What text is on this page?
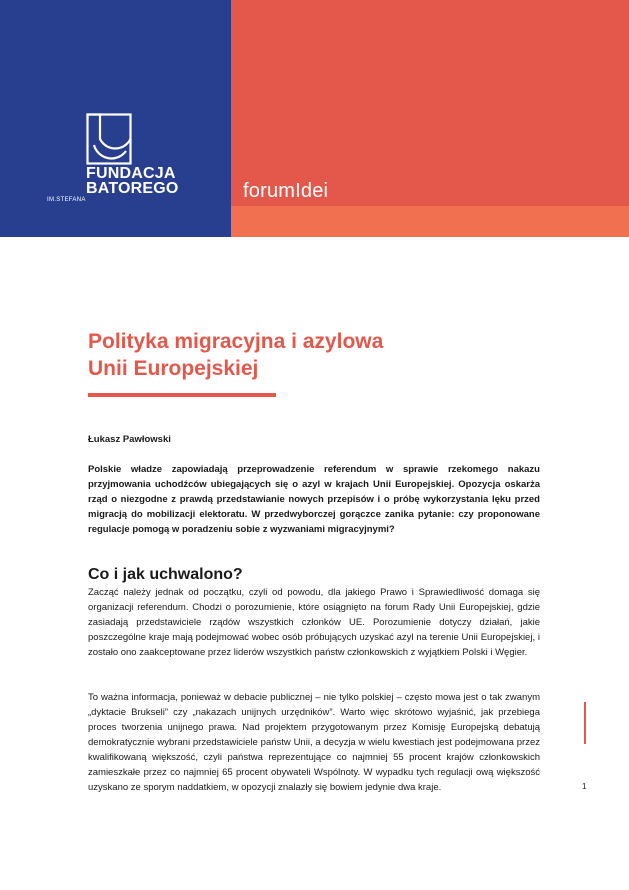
FUNDACJA
BATOREGO
IM.STEFANA	forumIdei
Polityka migracyjna i azylowa
Unii Europejskiej

Łukasz Pawłowski

Polskie władze zapowiadają przeprowadzenie referendum w sprawie rzekomego nakazu przyjmowania uchodźców ubiegających się o azyl w krajach Unii Europejskiej. Opozycja oskarża rząd o niezgodne z prawdą przedstawianie nowych przepisów i o próbę wykorzystania lęku przed migracją do mobilizacji elektoratu. W przedwyborczej gorączce zanika pytanie: czy proponowane regulacje pomogą w poradzeniu sobie z wyzwaniami migracyjnymi?

Co i jak uchwalono?

Zacząć należy jednak od początku, czyli od powodu, dla jakiego Prawo i Sprawiedliwość domaga się organizacji referendum. Chodzi o porozumienie, które osiągnięto na forum Rady Unii Europejskiej, gdzie zasiadają przedstawiciele rządów wszystkich członków UE. Porozumienie dotyczy działań, jakie poszczególne kraje mają podejmować wobec osób próbujących uzyskać azyl na terenie Unii Europejskiej, i zostało ono zaakceptowane przez liderów wszystkich państw członkowskich z wyjątkiem Polski i Węgier.

To ważna informacja, ponieważ w debacie publicznej – nie tylko polskiej – często mowa jest o tak zwanym „dyktacie Brukseli” czy „nakazach unijnych urzędników”. Warto więc skrótowo wyjaśnić, jak przebiega proces tworzenia unijnego prawa. Nad projektem przygotowanym przez Komisję Europejską debatują demokratycznie wybrani przedstawiciele państw Unii, a decyzja w wielu kwestiach jest podejmowana przez kwalifikowaną większość, czyli państwa reprezentujące co najmniej 55 procent krajów członkowskich zamieszkałe przez co najmniej 65 procent obywateli Wspólnoty. W wypadku tych regulacji ową większość uzyskano ze sporym naddatkiem, w opozycji znalazły się bowiem jedynie dwa kraje.	1
